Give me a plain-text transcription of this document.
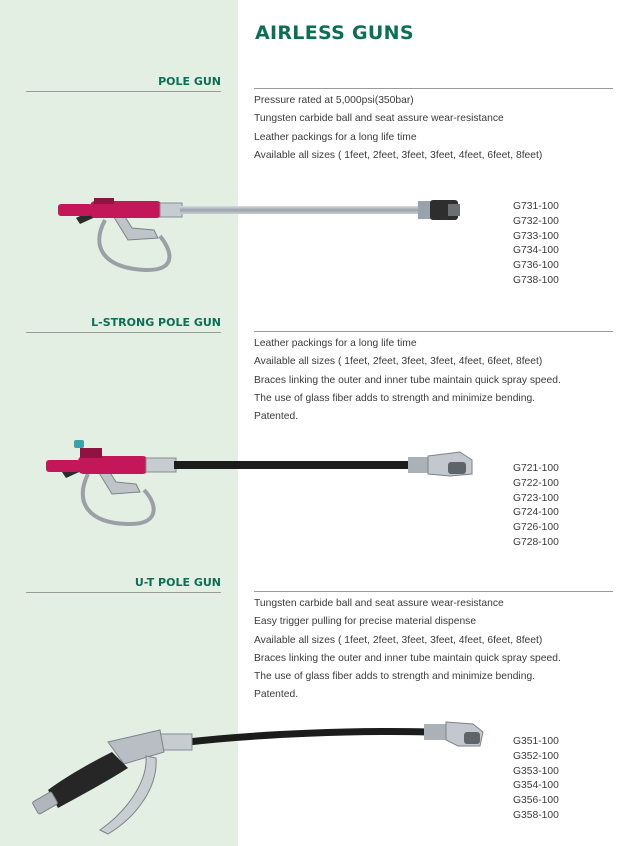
AIRLESS GUNS
POLE GUN
Pressure rated at 5,000psi(350bar)
Tungsten carbide ball and seat assure wear-resistance
Leather packings for a long life time
Available all sizes ( 1feet, 2feet, 3feet, 3feet, 4feet, 6feet, 8feet)
G731-100
G732-100
G733-100
G734-100
G736-100
G738-100
L-STRONG POLE GUN
Leather packings for a long life time
Available all sizes ( 1feet, 2feet, 3feet, 3feet, 4feet, 6feet, 8feet)
Braces linking the outer and inner tube maintain quick spray speed.
The use of glass fiber adds to strength and minimize bending.
Patented.
G721-100
G722-100
G723-100
G724-100
G726-100
G728-100
U-T POLE GUN
Tungsten carbide ball and seat assure wear-resistance
Easy trigger pulling for precise material dispense
Available all sizes ( 1feet, 2feet, 3feet, 3feet, 4feet, 6feet, 8feet)
Braces linking the outer and inner tube maintain quick spray speed.
The use of glass fiber adds to strength and minimize bending.
Patented.
G351-100
G352-100
G353-100
G354-100
G356-100
G358-100
